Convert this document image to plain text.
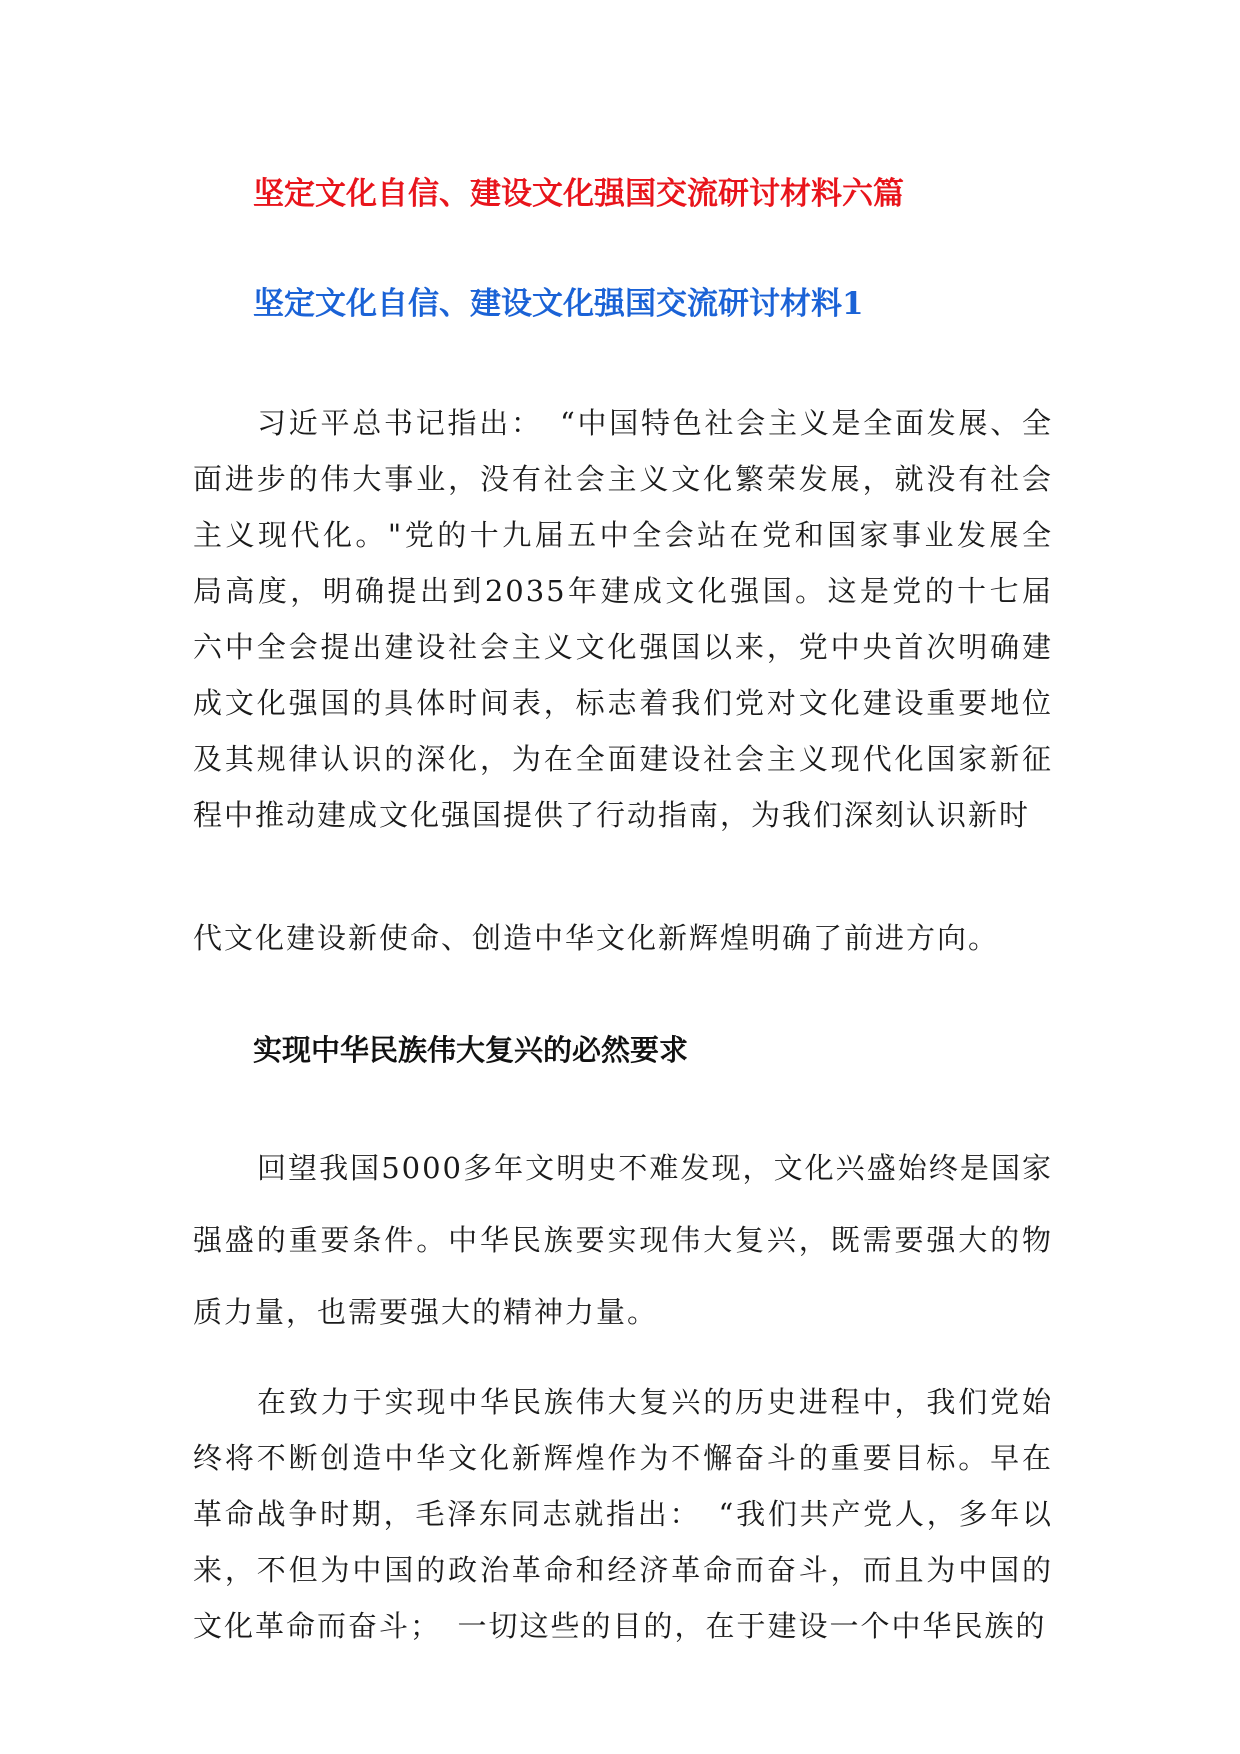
坚定文化自信、建设文化强国交流研讨材料六篇
坚定文化自信、建设文化强国交流研讨材料1

习近平总书记指出：　“中国特色社会主义是全面发展、全 面进步的伟大事业，没有社会主义文化繁荣发展，就没有社会 主义现代化。"党的十九届五中全会站在党和国家事业发展全 局高度，明确提出到2035年建成文化强国。这是党的十七届 六中全会提出建设社会主义文化强国以来，党中央首次明确建 成文化强国的具体时间表，标志着我们党对文化建设重要地位 及其规律认识的深化，为在全面建设社会主义现代化国家新征 程中推动建成文化强国提供了行动指南，为我们深刻认识新时

代文化建设新使命、创造中华文化新辉煌明确了前进方向。

实现中华民族伟大复兴的必然要求

回望我国5000多年文明史不难发现，文化兴盛始终是国家强盛的重要条件。中华民族要实现伟大复兴，既需要强大的物质力量，也需要强大的精神力量。

在致力于实现中华民族伟大复兴的历史进程中，我们党始终将不断创造中华文化新辉煌作为不懈奋斗的重要目标。早在革命战争时期，毛泽东同志就指出：　“我们共产党人，多年以 来，不但为中国的政治革命和经济革命而奋斗，而且为中国的 文化革命而奋斗；　一切这些的目的，在于建设一个中华民族的
